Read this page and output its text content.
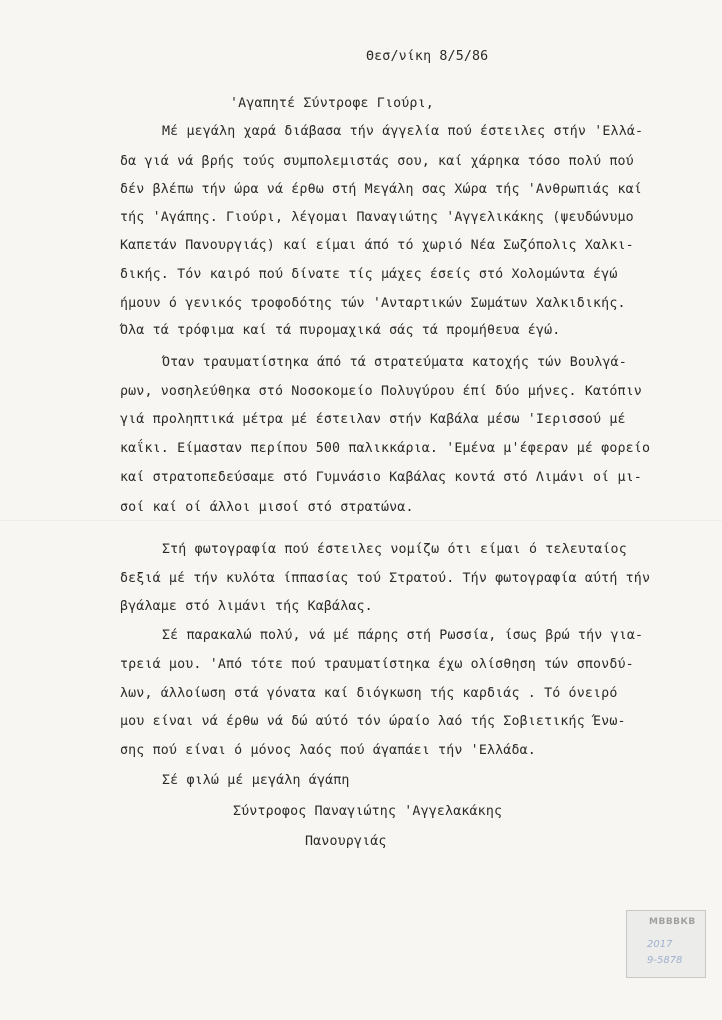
Θεσ/νίκη 8/5/86
'Αγαπητέ Σύντροφε Γιούρι,
Μέ μεγάλη χαρά διάβασα τήν άγγελία πού έστειλες στήν 'Ελλά-
δα γιά νά βρής τούς συμπολεμιστάς σου, καί χάρηκα τόσο πολύ πού
δέν βλέπω τήν ώρα νά έρθω στή Μεγάλη σας Χώρα τής 'Ανθρωπιάς καί
τής 'Αγάπης. Γιούρι, λέγομαι Παναγιώτης 'Αγγελικάκης (ψευδώνυμο
Καπετάν Πανουργιάς) καί είμαι άπό τό χωριό Νέα Σωζόπολις Χαλκι-
δικής. Τόν καιρό πού δίνατε τίς μάχες έσείς στό Χολομώντα έγώ
ήμουν ό γενικός τροφοδότης τών 'Ανταρτικών Σωμάτων Χαλκιδικής.
Όλα τά τρόφιμα καί τά πυρομαχικά σάς τά προμήθευα έγώ.
Όταν τραυματίστηκα άπό τά στρατεύματα κατοχής τών Βουλγά-
ρων, νοσηλεύθηκα στό Νοσοκομείο Πολυγύρου έπί δύο μήνες. Κατόπιν
γιά προληπτικά μέτρα μέ έστειλαν στήν Καβάλα μέσω 'Ιερισσού μέ
καΐκι. Είμασταν περίπου 500 παλικκάρια. 'Εμένα μ'έφεραν μέ φορείο
καί στρατοπεδεύσαμε στό Γυμνάσιο Καβάλας κοντά στό Λιμάνι οί μι-
σοί καί οί άλλοι μισοί στό στρατώνα.
Στή φωτογραφία πού έστειλες νομίζω ότι είμαι ό τελευταίος
δεξιά μέ τήν κυλότα ίππασίας τού Στρατού. Τήν φωτογραφία αύτή τήν
βγάλαμε στό λιμάνι τής Καβάλας.
Σέ παρακαλώ πολύ, νά μέ πάρης στή Ρωσσία, ίσως βρώ τήν για-
τρειά μου. 'Από τότε πού τραυματίστηκα έχω ολίσθηση τών σπονδύ-
λων, άλλοίωση στά γόνατα καί διόγκωση τής καρδιάς . Τό όνειρό
μου είναι νά έρθω νά δώ αύτό τόν ώραίο λαό τής Σοβιετικής Ένω-
σης πού είναι ό μόνος λαός πού άγαπάει τήν 'Ελλάδα.
Σέ φιλώ μέ μεγάλη άγάπη
Σύντροφος Παναγιώτης 'Αγγελακάκης
Πανουργιάς
МВВВКВ
2017
9-5878
